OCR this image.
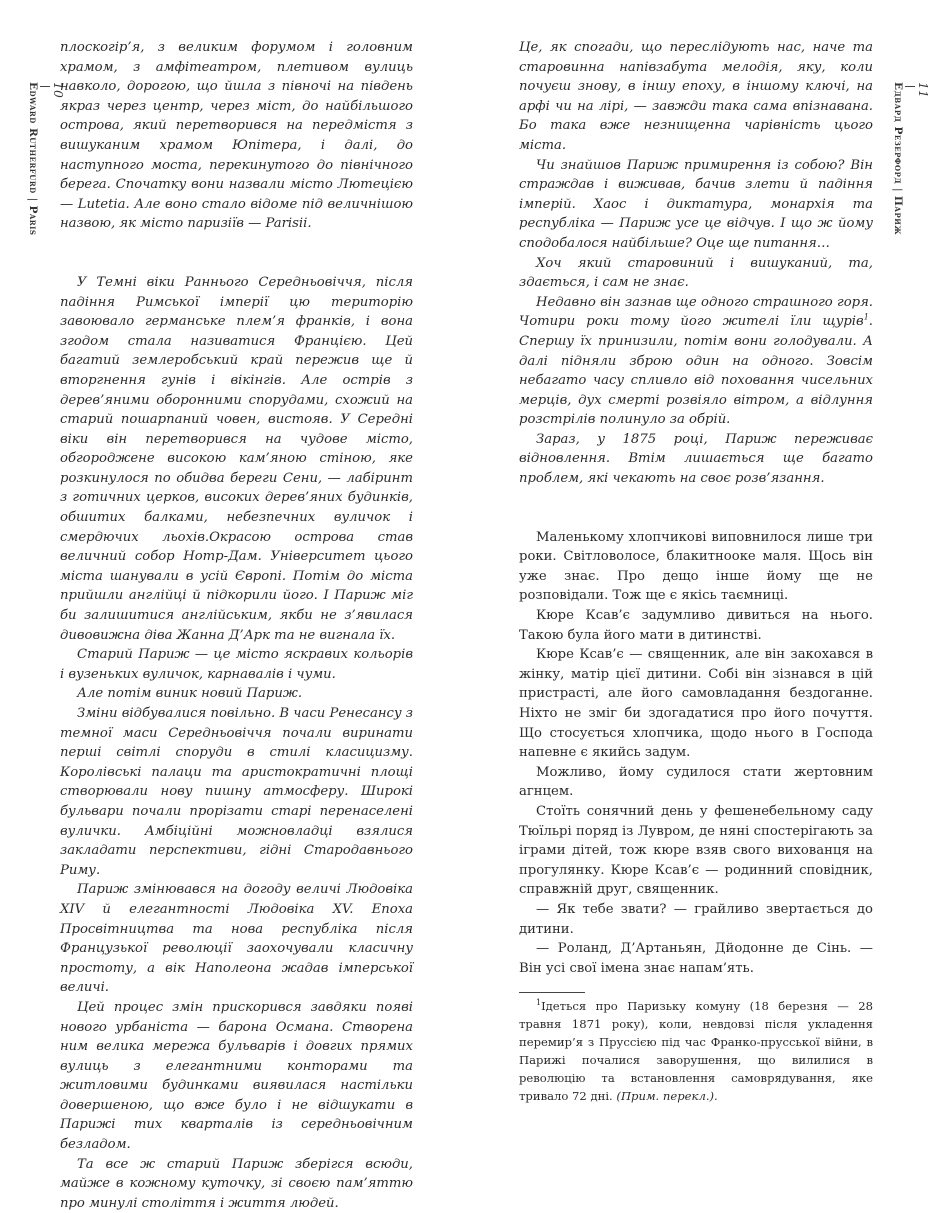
10

Edward Rutherfurd | Paris

плоскогір’я, з великим форумом і головним храмом, з амфітеатром, плетивом вулиць навколо, дорогою, що йшла з півночі на південь якраз через центр, через міст, до найбільшого острова, який перетворився на передмістя з вишуканим храмом Юпітера, і далі, до наступного моста, перекинутого до північного берега. Спочатку вони назвали місто Лютецією — Lutetia. Але воно стало відоме під величнішою назвою, як місто паризіїв — Parisii.

У Темні віки Раннього Середньовіччя, після падіння Римської імперії цю територію завоювало германське плем’я франків, і вона згодом стала називатися Францією. Цей багатий землеробський край пережив ще й вторгнення гунів і вікінгів. Але острів з дерев’яними оборонними спорудами, схожий на старий пошарпаний човен, вистояв. У Середні віки він перетворився на чудове місто, обгороджене високою кам’яною стіною, яке розкинулося по обидва береги Сени, — лабіринт з готичних церков, високих дерев’яних будинків, обшитих балками, небезпечних вуличок і смердючих льохів.Окрасою острова став величний собор Нотр-Дам. Університет цього міста шанували в усій Європі. Потім до міста прийшли англійці й підкорили його. І Париж міг би залишитися англійським, якби не з’явилася дивовижна діва Жанна Д’Арк та не вигнала їх.

Старий Париж — це місто яскравих кольорів і вузеньких вуличок, карнавалів і чуми.

Але потім виник новий Париж.

Зміни відбувалися повільно. В часи Ренесансу з темної маси Середньовіччя почали виринати перші світлі споруди в стилі класицизму. Королівські палаци та аристократичні площі створювали нову пишну атмосферу. Широкі бульвари почали прорізати старі перенаселені вулички. Амбіційні можновладці взялися закладати перспективи, гідні Стародавнього Риму.

Париж змінювався на догоду величі Людовіка XIV й елегантності Людовіка XV. Епоха Просвітництва та нова республіка після Французької революції заохочували класичну простоту, а вік Наполеона жадав імперської величі.

Цей процес змін прискорився завдяки появі нового урбаніста — барона Османа. Створена ним велика мережа бульварів і довгих прямих вулиць з елегантними конторами та житловими будинками виявилася настільки довершеною, що вже було і не відшукати в Парижі тих кварталів із середньовічним безладом.

Та все ж старий Париж зберігся всюди, майже в кожному куточку, зі своєю пам’яттю про минулі століття і життя людей.

Це, як спогади, що переслідують нас, наче та старовинна напівзабута мелодія, яку, коли почуєш знову, в іншу епоху, в іншому ключі, на арфі чи на лірі, — завжди така сама впізнавана. Бо така вже незнищенна чарівність цього міста.

Чи знайшов Париж примирення із собою? Він страждав і виживав, бачив злети й падіння імперій. Хаос і диктатура, монархія та республіка — Париж усе це відчув. І що ж йому сподобалося найбільше? Оце ще питання…

Хоч який старовиний і вишуканий, та, здається, і сам не знає.

Недавно він зазнав ще одного страшного горя. Чотири роки тому його жителі їли щурів$^1$. Спершу їх принизили, потім вони голодували. А далі підняли зброю один на одного. Зовсім небагато часу спливло від поховання чисельних мерців, дух смерті розвіяло вітром, а відлуння розстрілів полинуло за обрій.

Зараз, у 1875 році, Париж переживає відновлення. Втім лишається ще багато проблем, які чекають на своє розв’язання.

Маленькому хлопчикові виповнилося лише три роки. Світловолосе, блакитнооке маля. Щось він уже знає. Про дещо інше йому ще не розповідали. Тож ще є якісь таємниці.

Кюре Ксав’є задумливо дивиться на нього. Такою була його мати в дитинстві.

Кюре Ксав’є — священник, але він закохався в жінку, матір цієї дитини. Собі він зізнався в цій пристрасті, але його самовладання бездоганне. Ніхто не зміг би здогадатися про його почуття. Що стосується хлопчика, щодо нього в Господа напевне є якийсь задум.

Можливо, йому судилося стати жертовним агнцем.

Стоїть сонячний день у фешенебельному саду Тюїльрі поряд із Лувром, де няні спостерігають за іграми дітей, тож кюре взяв свого вихованця на прогулянку. Кюре Ксав’є — родинний сповідник, справжній друг, священник.

— Як тебе звати? — грайливо звертається до дитини.

— Роланд, Д’Артаньян, Дйодонне де Сінь. — Він усі свої імена знає напам’ять.

$^1$Ідеться про Паризьку комуну (18 березня — 28 травня 1871 року), коли, невдовзі після укладення перемир’я з Пруссією під час Франко-прусської війни, в Парижі почалися заворушення, що вилилися в революцію та встановлення самоврядування, яке тривало 72 дні. (Прим. перекл.).

11

Едвард Резерфорд | Париж
